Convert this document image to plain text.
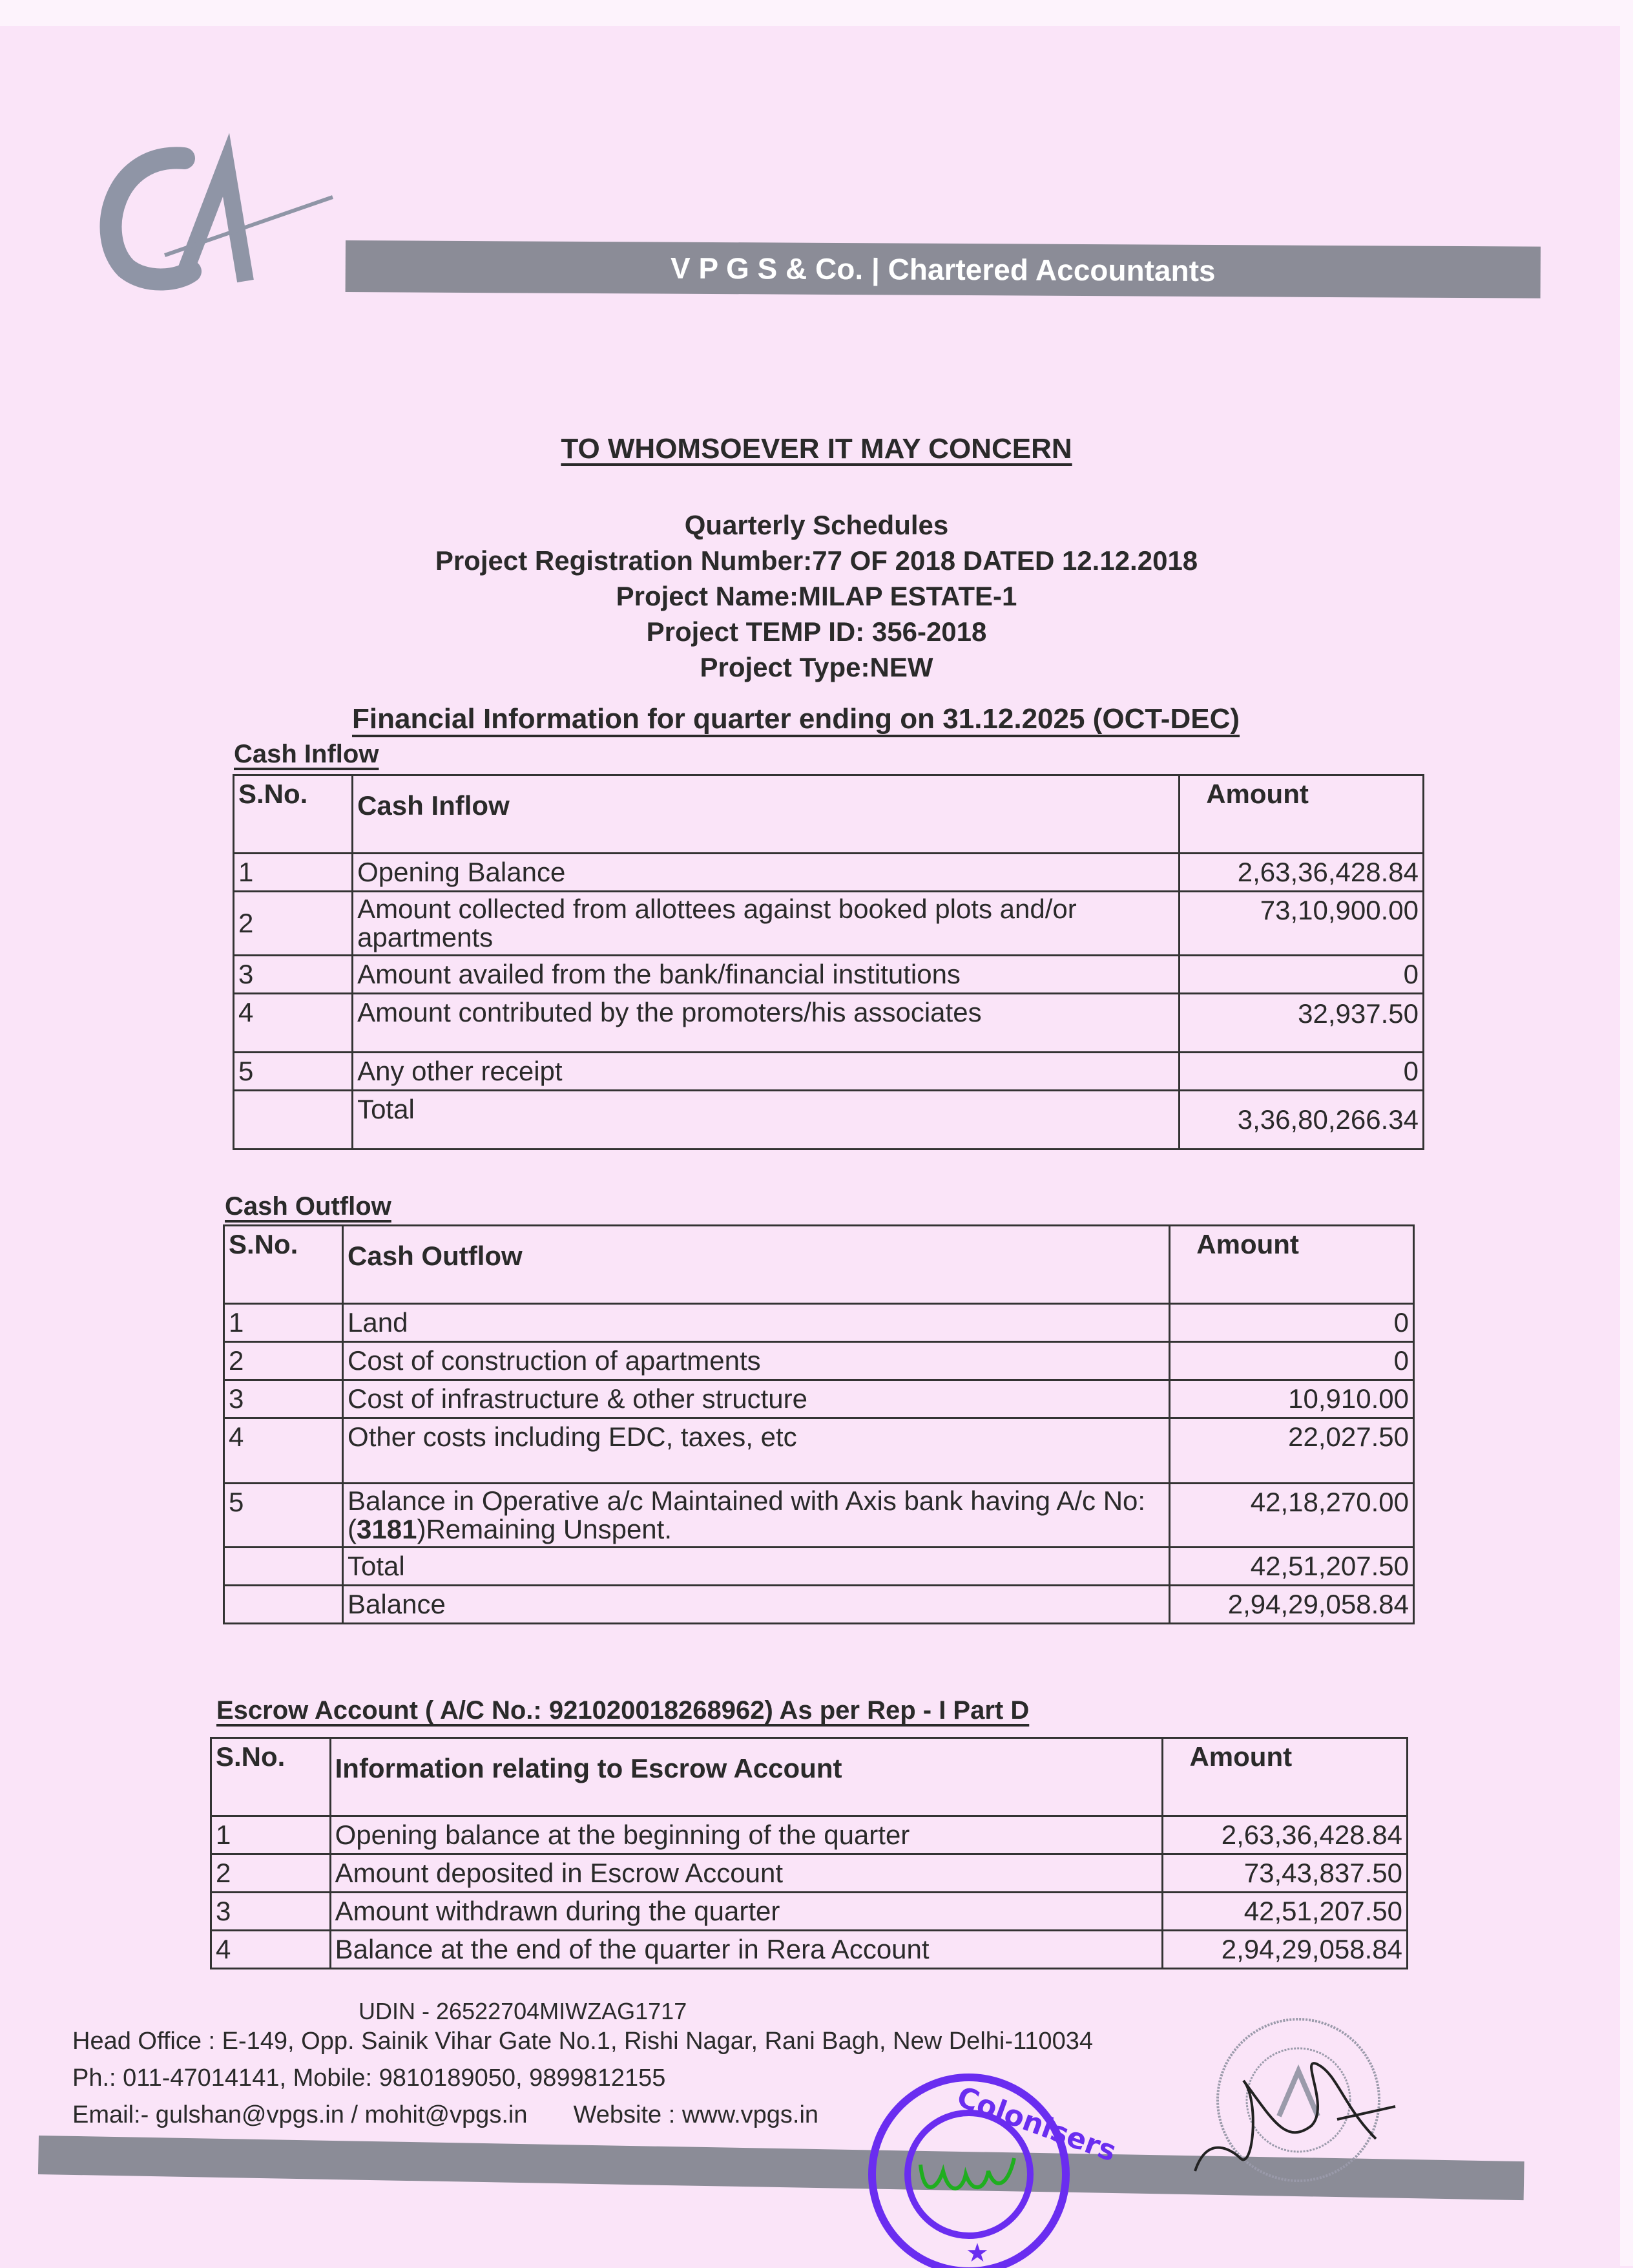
V P G S & Co. | Chartered Accountants
TO WHOMSOEVER IT MAY CONCERN
Quarterly Schedules
Project Registration Number:77 OF 2018 DATED 12.12.2018
Project Name:MILAP ESTATE-1
Project TEMP ID: 356-2018
Project Type:NEW
Financial Information for quarter ending on 31.12.2025 (OCT-DEC)
Cash Inflow
S.No.	Cash Inflow	Amount
1	Opening Balance	2,63,36,428.84
2	Amount collected from allottees against booked plots and/or apartments	73,10,900.00
3	Amount availed from the bank/financial institutions	0
4	Amount contributed by the promoters/his associates	32,937.50
5	Any other receipt	0
	Total	3,36,80,266.34
Cash Outflow
S.No.	Cash Outflow	Amount
1	Land	0
2	Cost of construction of apartments	0
3	Cost of infrastructure & other structure	10,910.00
4	Other costs including EDC, taxes, etc	22,027.50
5	Balance in Operative a/c Maintained with Axis bank having A/c No:(3181)Remaining Unspent.	42,18,270.00
	Total	42,51,207.50
	Balance	2,94,29,058.84
Escrow Account ( A/C No.: 921020018268962) As per Rep - I Part D
S.No.	Information relating to Escrow Account	Amount
1	Opening balance at the beginning of the quarter	2,63,36,428.84
2	Amount deposited in Escrow Account	73,43,837.50
3	Amount withdrawn during the quarter	42,51,207.50
4	Balance at the end of the quarter in Rera Account	2,94,29,058.84
UDIN - 26522704MIWZAG1717
Head Office : E-149, Opp. Sainik Vihar Gate No.1, Rishi Nagar, Rani Bagh, New Delhi-110034
Ph.: 011-47014141, Mobile: 9810189050, 9899812155
Email:- gulshan@vpgs.in / mohit@vpgs.in Website : www.vpgs.in	Colonisers
★
